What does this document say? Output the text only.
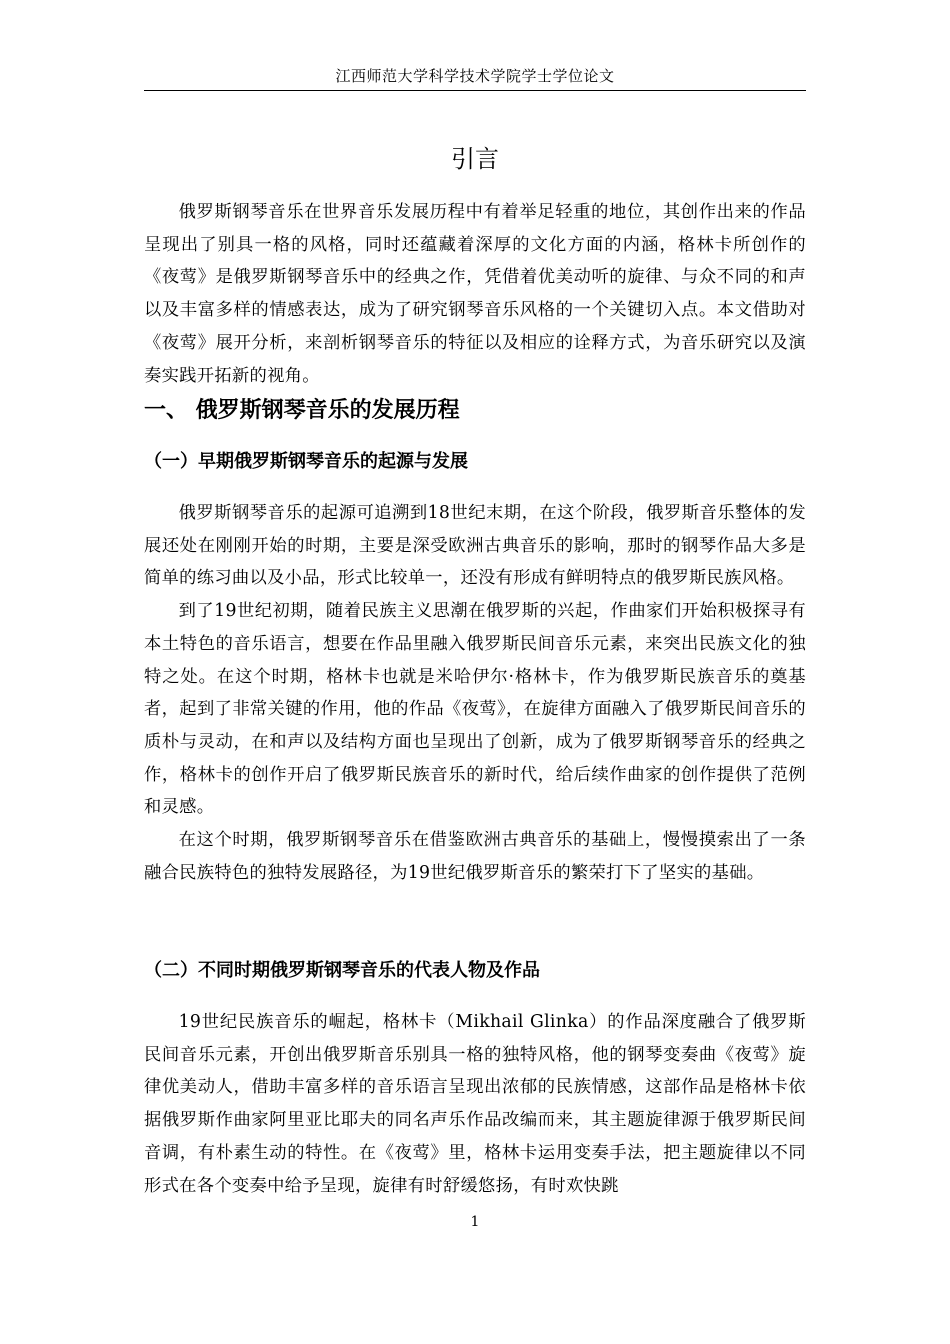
江西师范大学科学技术学院学士学位论文
引言

俄罗斯钢琴音乐在世界音乐发展历程中有着举足轻重的地位，其创作出来的作品呈现出了别具一格的风格，同时还蕴藏着深厚的文化方面的内涵，格林卡所创作的《夜莺》是俄罗斯钢琴音乐中的经典之作，凭借着优美动听的旋律、与众不同的和声以及丰富多样的情感表达，成为了研究钢琴音乐风格的一个关键切入点。本文借助对《夜莺》展开分析，来剖析钢琴音乐的特征以及相应的诠释方式，为音乐研究以及演奏实践开拓新的视角。

一、 俄罗斯钢琴音乐的发展历程
（一）早期俄罗斯钢琴音乐的起源与发展

俄罗斯钢琴音乐的起源可追溯到18世纪末期，在这个阶段，俄罗斯音乐整体的发展还处在刚刚开始的时期，主要是深受欧洲古典音乐的影响，那时的钢琴作品大多是简单的练习曲以及小品，形式比较单一，还没有形成有鲜明特点的俄罗斯民族风格。

到了19世纪初期，随着民族主义思潮在俄罗斯的兴起，作曲家们开始积极探寻有本土特色的音乐语言，想要在作品里融入俄罗斯民间音乐元素，来突出民族文化的独特之处。在这个时期，格林卡也就是米哈伊尔·格林卡，作为俄罗斯民族音乐的奠基者，起到了非常关键的作用，他的作品《夜莺》，在旋律方面融入了俄罗斯民间音乐的质朴与灵动，在和声以及结构方面也呈现出了创新，成为了俄罗斯钢琴音乐的经典之作，格林卡的创作开启了俄罗斯民族音乐的新时代，给后续作曲家的创作提供了范例和灵感。

在这个时期，俄罗斯钢琴音乐在借鉴欧洲古典音乐的基础上，慢慢摸索出了一条融合民族特色的独特发展路径，为19世纪俄罗斯音乐的繁荣打下了坚实的基础。

（二）不同时期俄罗斯钢琴音乐的代表人物及作品

19世纪民族音乐的崛起，格林卡（Mikhail Glinka）的作品深度融合了俄罗斯民间音乐元素，开创出俄罗斯音乐别具一格的独特风格，他的钢琴变奏曲《夜莺》旋律优美动人，借助丰富多样的音乐语言呈现出浓郁的民族情感，这部作品是格林卡依据俄罗斯作曲家阿里亚比耶夫的同名声乐作品改编而来，其主题旋律源于俄罗斯民间音调，有朴素生动的特性。在《夜莺》里，格林卡运用变奏手法，把主题旋律以不同形式在各个变奏中给予呈现，旋律有时舒缓悠扬，有时欢快跳

1
